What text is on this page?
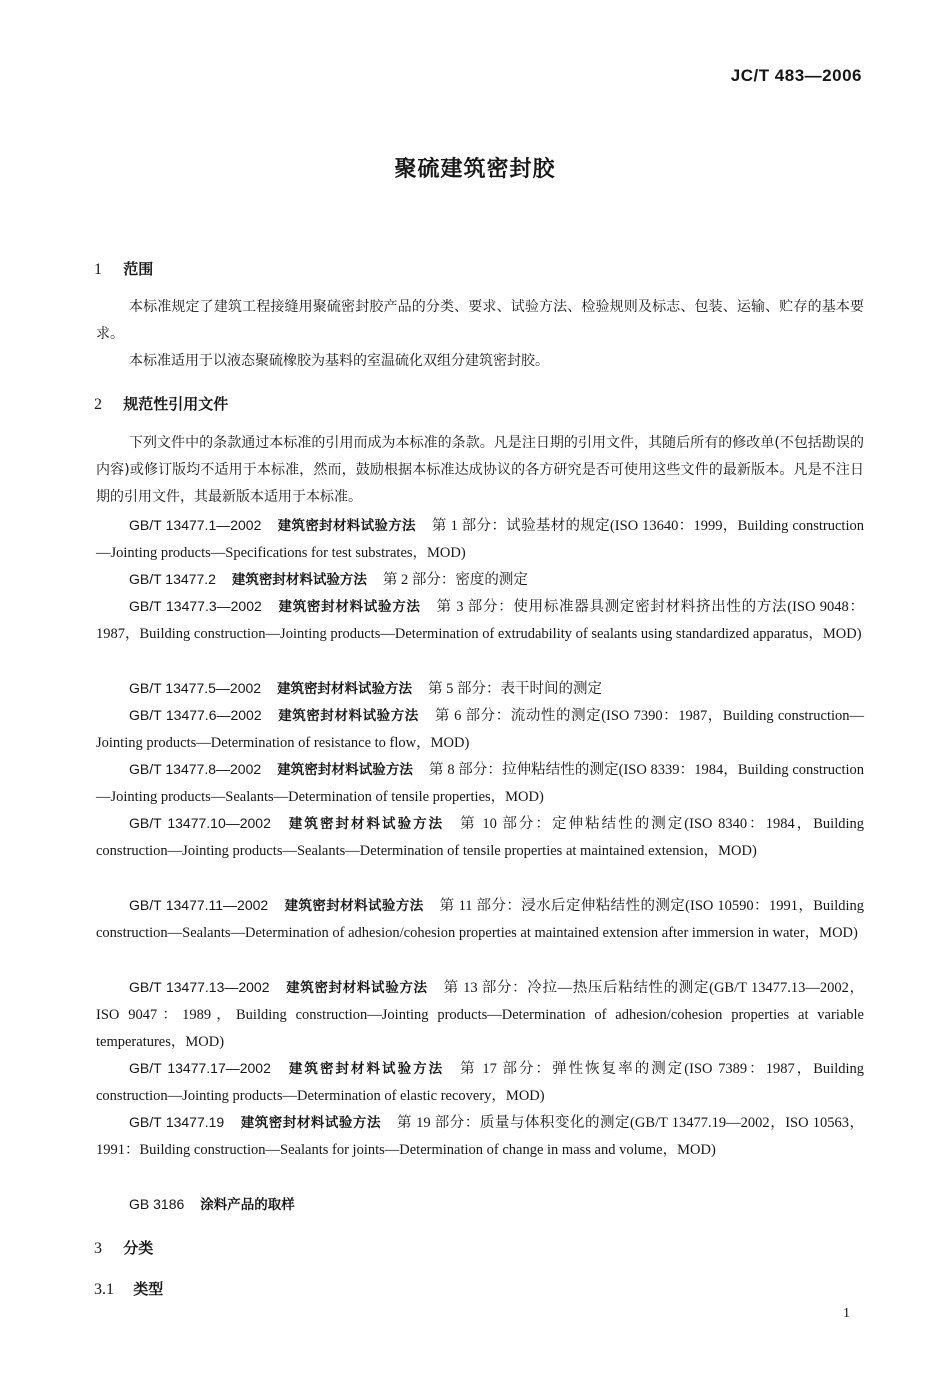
JC/T 483—2006
聚硫建筑密封胶
1 范围
本标准规定了建筑工程接缝用聚硫密封胶产品的分类、要求、试验方法、检验规则及标志、包装、运输、贮存的基本要求。
本标准适用于以液态聚硫橡胶为基料的室温硫化双组分建筑密封胶。
2 规范性引用文件
下列文件中的条款通过本标准的引用而成为本标准的条款。凡是注日期的引用文件，其随后所有的修改单(不包括勘误的内容)或修订版均不适用于本标准，然而，鼓励根据本标准达成协议的各方研究是否可使用这些文件的最新版本。凡是不注日期的引用文件，其最新版本适用于本标准。
GB/T 13477.1—2002 建筑密封材料试验方法 第 1 部分：试验基材的规定(ISO 13640：1999，Building construction—Jointing products—Specifications for test substrates，MOD)
GB/T 13477.2 建筑密封材料试验方法 第 2 部分：密度的测定
GB/T 13477.3—2002 建筑密封材料试验方法 第 3 部分：使用标准器具测定密封材料挤出性的方法(ISO 9048：1987，Building construction—Jointing products—Determination of extrudability of sealants using standardized apparatus，MOD)
GB/T 13477.5—2002 建筑密封材料试验方法 第 5 部分：表干时间的测定
GB/T 13477.6—2002 建筑密封材料试验方法 第 6 部分：流动性的测定(ISO 7390：1987，Building construction—Jointing products—Determination of resistance to flow，MOD)
GB/T 13477.8—2002 建筑密封材料试验方法 第 8 部分：拉伸粘结性的测定(ISO 8339：1984，Building construction—Jointing products—Sealants—Determination of tensile properties，MOD)
GB/T 13477.10—2002 建筑密封材料试验方法 第 10 部分：定伸粘结性的测定(ISO 8340：1984，Building construction—Jointing products—Sealants—Determination of tensile properties at maintained extension，MOD)
GB/T 13477.11—2002 建筑密封材料试验方法 第 11 部分：浸水后定伸粘结性的测定(ISO 10590：1991，Building construction—Sealants—Determination of adhesion/cohesion properties at maintained extension after immersion in water，MOD)
GB/T 13477.13—2002 建筑密封材料试验方法 第 13 部分：冷拉—热压后粘结性的测定(GB/T 13477.13—2002，ISO 9047：1989，Building construction—Jointing products—Determination of adhesion/cohesion properties at variable temperatures，MOD)
GB/T 13477.17—2002 建筑密封材料试验方法 第 17 部分：弹性恢复率的测定(ISO 7389：1987，Building construction—Jointing products—Determination of elastic recovery，MOD)
GB/T 13477.19 建筑密封材料试验方法 第 19 部分：质量与体积变化的测定(GB/T 13477.19—2002，ISO 10563，1991：Building construction—Sealants for joints—Determination of change in mass and volume，MOD)
GB 3186 涂料产品的取样
3 分类
3.1 类型
1
